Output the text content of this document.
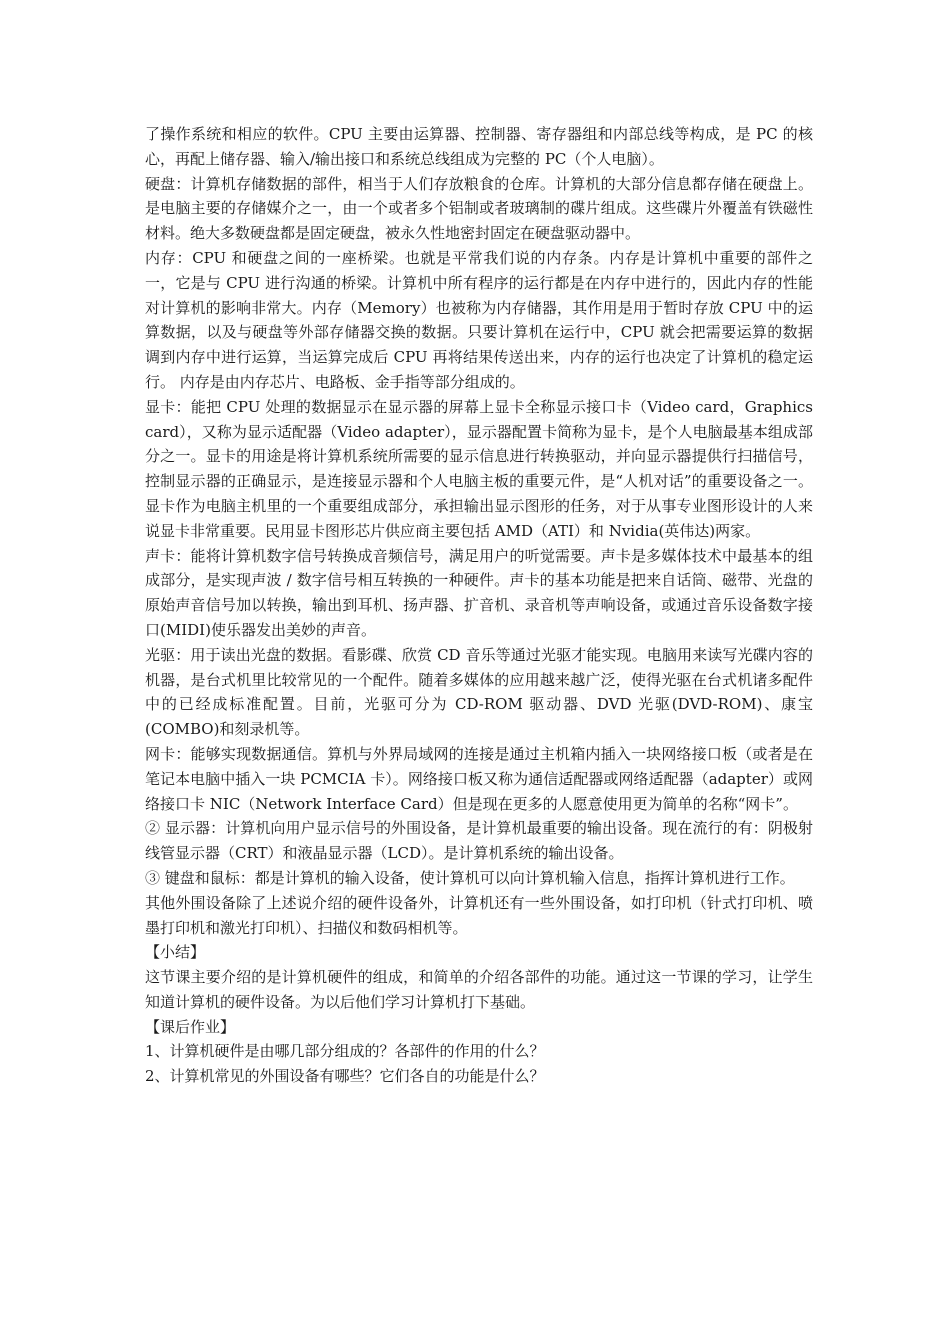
了操作系统和相应的软件。CPU 主要由运算器、控制器、寄存器组和内部总线等构成，是 PC 的核心，再配上储存器、输入/输出接口和系统总线组成为完整的 PC（个人电脑）。

硬盘：计算机存储数据的部件，相当于人们存放粮食的仓库。计算机的大部分信息都存储在硬盘上。是电脑主要的存储媒介之一，由一个或者多个铝制或者玻璃制的碟片组成。这些碟片外覆盖有铁磁性材料。绝大多数硬盘都是固定硬盘，被永久性地密封固定在硬盘驱动器中。

内存：CPU 和硬盘之间的一座桥梁。也就是平常我们说的内存条。内存是计算机中重要的部件之一，它是与 CPU 进行沟通的桥梁。计算机中所有程序的运行都是在内存中进行的，因此内存的性能对计算机的影响非常大。内存（Memory）也被称为内存储器，其作用是用于暂时存放 CPU 中的运算数据，以及与硬盘等外部存储器交换的数据。只要计算机在运行中，CPU 就会把需要运算的数据调到内存中进行运算，当运算完成后 CPU 再将结果传送出来，内存的运行也决定了计算机的稳定运行。 内存是由内存芯片、电路板、金手指等部分组成的。

显卡：能把 CPU 处理的数据显示在显示器的屏幕上显卡全称显示接口卡（Video card，Graphics card），又称为显示适配器（Video adapter），显示器配置卡简称为显卡，是个人电脑最基本组成部分之一。显卡的用途是将计算机系统所需要的显示信息进行转换驱动，并向显示器提供行扫描信号，控制显示器的正确显示，是连接显示器和个人电脑主板的重要元件，是“人机对话”的重要设备之一。显卡作为电脑主机里的一个重要组成部分，承担输出显示图形的任务，对于从事专业图形设计的人来说显卡非常重要。民用显卡图形芯片供应商主要包括 AMD（ATI）和 Nvidia(英伟达)两家。

声卡：能将计算机数字信号转换成音频信号，满足用户的听觉需要。声卡是多媒体技术中最基本的组成部分，是实现声波 / 数字信号相互转换的一种硬件。声卡的基本功能是把来自话筒、磁带、光盘的原始声音信号加以转换，输出到耳机、扬声器、扩音机、录音机等声响设备，或通过音乐设备数字接口(MIDI)使乐器发出美妙的声音。

光驱：用于读出光盘的数据。看影碟、欣赏 CD 音乐等通过光驱才能实现。电脑用来读写光碟内容的机器，是台式机里比较常见的一个配件。随着多媒体的应用越来越广泛，使得光驱在台式机诸多配件中的已经成标准配置。目前，光驱可分为 CD-ROM 驱动器、DVD 光驱(DVD-ROM)、康宝(COMBO)和刻录机等。

网卡：能够实现数据通信。算机与外界局域网的连接是通过主机箱内插入一块网络接口板（或者是在笔记本电脑中插入一块 PCMCIA 卡）。网络接口板又称为通信适配器或网络适配器（adapter）或网络接口卡 NIC（Network Interface Card）但是现在更多的人愿意使用更为简单的名称“网卡”。

② 显示器：计算机向用户显示信号的外围设备，是计算机最重要的输出设备。现在流行的有：阴极射线管显示器（CRT）和液晶显示器（LCD）。是计算机系统的输出设备。

③ 键盘和鼠标：都是计算机的输入设备，使计算机可以向计算机输入信息，指挥计算机进行工作。

其他外围设备除了上述说介绍的硬件设备外，计算机还有一些外围设备，如打印机（针式打印机、喷墨打印机和激光打印机）、扫描仪和数码相机等。

【小结】

这节课主要介绍的是计算机硬件的组成，和简单的介绍各部件的功能。通过这一节课的学习，让学生知道计算机的硬件设备。为以后他们学习计算机打下基础。

【课后作业】

1、计算机硬件是由哪几部分组成的？各部件的作用的什么？

2、计算机常见的外围设备有哪些？它们各自的功能是什么？
